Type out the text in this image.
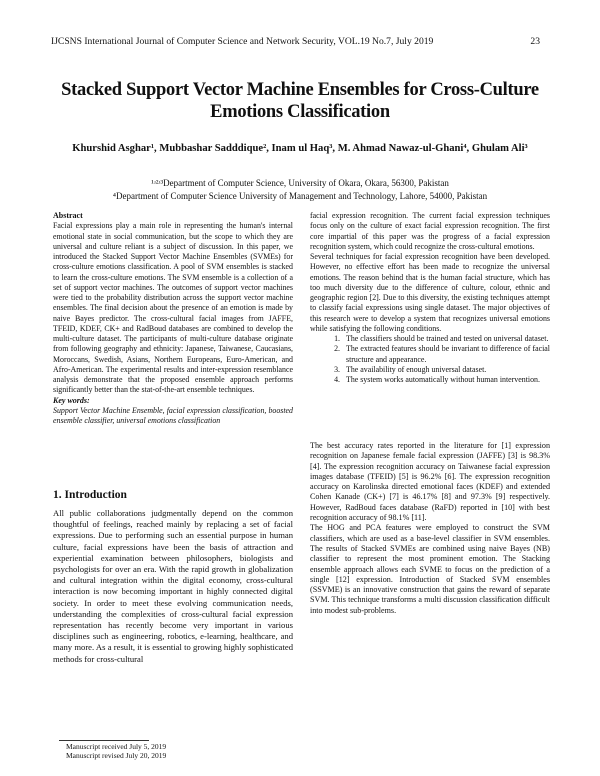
IJCSNS International Journal of Computer Science and Network Security, VOL.19 No.7, July 2019	23
Stacked Support Vector Machine Ensembles for Cross-Culture Emotions Classification
Khurshid Asghar¹, Mubbashar Sadddique², Inam ul Haq³, M. Ahmad Nawaz-ul-Ghani⁴, Ghulam Ali³
¹ʴ²ʴ³Department of Computer Science, University of Okara, Okara, 56300, Pakistan
⁴Department of Computer Science University of Management and Technology, Lahore, 54000, Pakistan
Abstract

Facial expressions play a main role in representing the human's internal emotional state in social communication, but the scope to which they are universal and culture reliant is a subject of discussion. In this paper, we introduced the Stacked Support Vector Machine Ensembles (SVMEs) for cross-culture emotions classification. A pool of SVM ensembles is stacked to learn the cross-culture emotions. The SVM ensemble is a collection of a set of support vector machines. The outcomes of support vector machines were tied to the probability distribution across the support vector machine ensembles. The final decision about the presence of an emotion is made by naive Bayes predictor. The cross-cultural facial images from JAFFE, TFEID, KDEF, CK+ and RadBoud databases are combined to develop the multi-culture dataset. The participants of multi-culture database originate from following geography and ethnicity: Japanese, Taiwanese, Caucasians, Moroccans, Swedish, Asians, Northern Europeans, Euro-American, and Afro-American. The experimental results and inter-expression resemblance analysis demonstrate that the proposed ensemble approach performs significantly better than the stat-of-the-art ensemble techniques.

Key words:

Support Vector Machine Ensemble, facial expression classification, boosted ensemble classifier, universal emotions classification

1. Introduction
All public collaborations judgmentally depend on the common thoughtful of feelings, reached mainly by replacing a set of facial expressions. Due to performing such an essential purpose in human culture, facial expressions have been the basis of attraction and experiential examination between philosophers, biologists and psychologists for over an era. With the rapid growth in globalization and cultural integration within the digital economy, cross-cultural interaction is now becoming important in highly connected digital society. In order to meet these evolving communication needs, understanding the complexities of cross-cultural facial expression representation has recently become very important in various disciplines such as engineering, robotics, e-learning, healthcare, and many more. As a result, it is essential to growing highly sophisticated methods for cross-cultural

facial expression recognition. The current facial expression techniques focus only on the culture of exact facial expression recognition. The first core impartial of this paper was the progress of a facial expression recognition system, which could recognize the cross-cultural emotions.

Several techniques for facial expression recognition have been developed. However, no effective effort has been made to recognize the universal emotions. The reason behind that is the human facial structure, which has too much diversity due to the difference of culture, colour, ethnic and geographic region [2]. Due to this diversity, the existing techniques attempt to classify facial expressions using single dataset. The major objectives of this research were to develop a system that recognizes universal emotions while satisfying the following conditions.

1. The classifiers should be trained and tested on universal dataset.
2. The extracted features should be invariant to difference of facial structure and appearance.
3. The availability of enough universal dataset.
4. The system works automatically without human intervention.

The best accuracy rates reported in the literature for [1] expression recognition on Japanese female facial expression (JAFFE) [3] is 98.3% [4]. The expression recognition accuracy on Taiwanese facial expression images database (TFEID) [5] is 96.2% [6]. The expression recognition accuracy on Karolinska directed emotional faces (KDEF) and extended Cohen Kanade (CK+) [7] is 46.17% [8] and 97.3% [9] respectively. However, RadBoud faces database (RaFD) reported in [10] with best recognition accuracy of 98.1% [11].

The HOG and PCA features were employed to construct the SVM classifiers, which are used as a base-level classifier in SVM ensembles. The results of Stacked SVMEs are combined using naive Bayes (NB) classifier to represent the most prominent emotion. The Stacking ensemble approach allows each SVME to focus on the prediction of a single [12] expression. Introduction of Stacked SVM ensembles (SSVME) is an innovative construction that gains the reward of separate SVM. This technique transforms a multi discussion classification difficult into modest sub-problems.

Manuscript received July 5, 2019
Manuscript revised July 20, 2019
